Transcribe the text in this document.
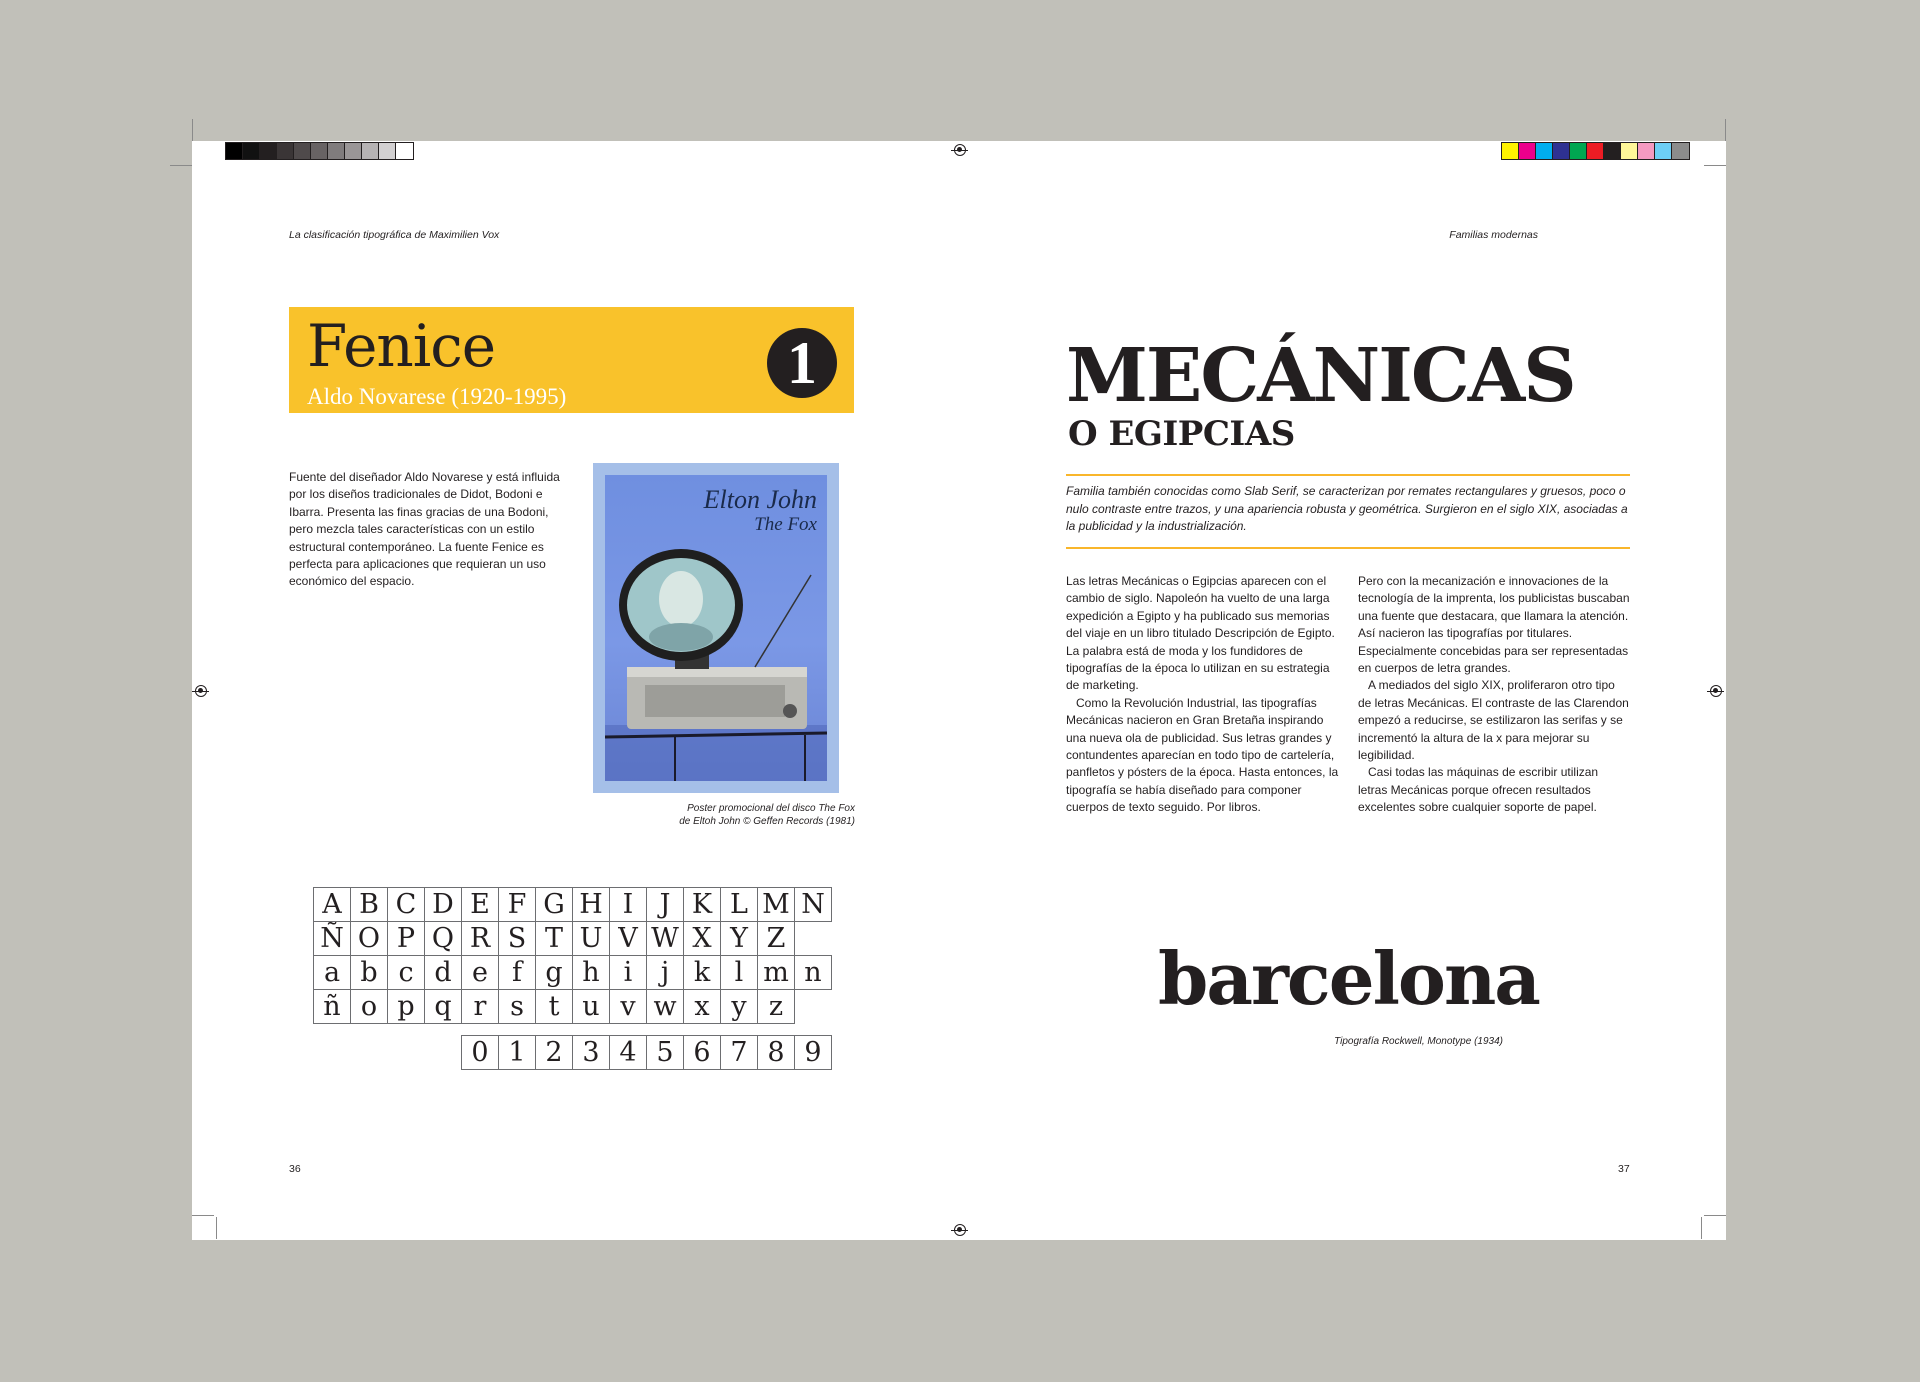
La clasificación tipográfica de Maximilien Vox
Fenice
Aldo Novarese (1920-1995)
1

Fuente del diseñador Aldo Novarese y está influida por los diseños tradicionales de Didot, Bodoni e Ibarra. Presenta las finas gracias de una Bodoni, pero mezcla tales características con un estilo estructural contemporáneo. La fuente Fenice es perfecta para aplicaciones que requieran un uso económico del espacio.

Elton John
The Fox
Poster promocional del disco The Fox
de Eltoh John © Geffen Records (1981)
A	B	C	D	E	F	G	H	I	J	K	L	M	N
Ñ	O	P	Q	R	S	T	U	V	W	X	Y	Z	
a	b	c	d	e	f	g	h	i	j	k	l	m	n
ñ	o	p	q	r	s	t	u	v	w	x	y	z	
0	1	2	3	4	5	6	7	8	9
36
Familias modernas
MECÁNICAS
O EGIPCIAS
Familia también conocidas como Slab Serif, se caracterizan por remates rectangulares y gruesos, poco o nulo contraste entre trazos, y una apariencia robusta y geométrica. Surgieron en el siglo XIX, asociadas a la publicidad y la industrialización.

Las letras Mecánicas o Egipcias aparecen con el cambio de siglo. Napoleón ha vuelto de una larga expedición a Egipto y ha publicado sus memorias del viaje en un libro titulado Descripción de Egipto. La palabra está de moda y los fundidores de tipografías de la época lo utilizan en su estrategia de marketing.

Como la Revolución Industrial, las tipografías Mecánicas nacieron en Gran Bretaña inspirando una nueva ola de publicidad. Sus letras grandes y contundentes aparecían en todo tipo de cartelería, panfletos y pósters de la época. Hasta entonces, la tipografía se había diseñado para componer cuerpos de texto seguido. Por libros.

Pero con la mecanización e innovaciones de la tecnología de la imprenta, los publicistas buscaban una fuente que destacara, que llamara la atención. Así nacieron las tipografías por titulares. Especialmente concebidas para ser representadas en cuerpos de letra grandes.

A mediados del siglo XIX, proliferaron otro tipo de letras Mecánicas. El contraste de las Clarendon empezó a reducirse, se estilizaron las serifas y se incrementó la altura de la x para mejorar su legibilidad.

Casi todas las máquinas de escribir utilizan letras Mecánicas porque ofrecen resultados excelentes sobre cualquier soporte de papel.

barcelona
Tipografía Rockwell, Monotype (1934)
37
